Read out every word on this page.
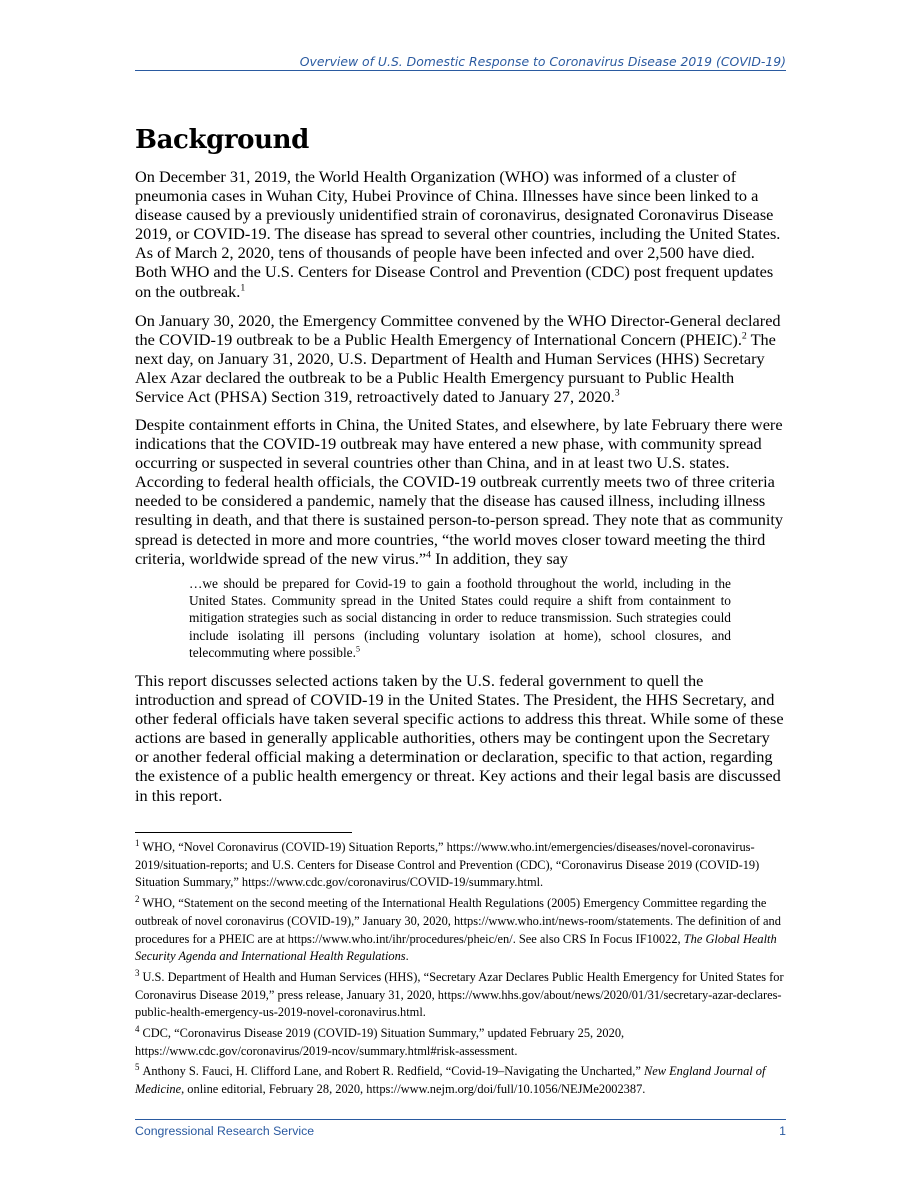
Overview of U.S. Domestic Response to Coronavirus Disease 2019 (COVID-19)
Background

On December 31, 2019, the World Health Organization (WHO) was informed of a cluster of pneumonia cases in Wuhan City, Hubei Province of China. Illnesses have since been linked to a disease caused by a previously unidentified strain of coronavirus, designated Coronavirus Disease 2019, or COVID-19. The disease has spread to several other countries, including the United States. As of March 2, 2020, tens of thousands of people have been infected and over 2,500 have died. Both WHO and the U.S. Centers for Disease Control and Prevention (CDC) post frequent updates on the outbreak.$^1$

On January 30, 2020, the Emergency Committee convened by the WHO Director-General declared the COVID-19 outbreak to be a Public Health Emergency of International Concern (PHEIC).$^2$ The next day, on January 31, 2020, U.S. Department of Health and Human Services (HHS) Secretary Alex Azar declared the outbreak to be a Public Health Emergency pursuant to Public Health Service Act (PHSA) Section 319, retroactively dated to January 27, 2020.$^3$

Despite containment efforts in China, the United States, and elsewhere, by late February there were indications that the COVID-19 outbreak may have entered a new phase, with community spread occurring or suspected in several countries other than China, and in at least two U.S. states. According to federal health officials, the COVID-19 outbreak currently meets two of three criteria needed to be considered a pandemic, namely that the disease has caused illness, including illness resulting in death, and that there is sustained person-to-person spread. They note that as community spread is detected in more and more countries, “the world moves closer toward meeting the third criteria, worldwide spread of the new virus.”$^4$ In addition, they say

…we should be prepared for Covid-19 to gain a foothold throughout the world, including in the United States. Community spread in the United States could require a shift from containment to mitigation strategies such as social distancing in order to reduce transmission. Such strategies could include isolating ill persons (including voluntary isolation at home), school closures, and telecommuting where possible.$^5$

This report discusses selected actions taken by the U.S. federal government to quell the introduction and spread of COVID-19 in the United States. The President, the HHS Secretary, and other federal officials have taken several specific actions to address this threat. While some of these actions are based in generally applicable authorities, others may be contingent upon the Secretary or another federal official making a determination or declaration, specific to that action, regarding the existence of a public health emergency or threat. Key actions and their legal basis are discussed in this report.

$^1$ WHO, “Novel Coronavirus (COVID-19) Situation Reports,” https://www.who.int/emergencies/diseases/novel-coronavirus-2019/situation-reports; and U.S. Centers for Disease Control and Prevention (CDC), “Coronavirus Disease 2019 (COVID-19) Situation Summary,” https://www.cdc.gov/coronavirus/COVID-19/summary.html.

$^2$ WHO, “Statement on the second meeting of the International Health Regulations (2005) Emergency Committee regarding the outbreak of novel coronavirus (COVID-19),” January 30, 2020, https://www.who.int/news-room/statements. The definition of and procedures for a PHEIC are at https://www.who.int/ihr/procedures/pheic/en/. See also CRS In Focus IF10022, The Global Health Security Agenda and International Health Regulations.

$^3$ U.S. Department of Health and Human Services (HHS), “Secretary Azar Declares Public Health Emergency for United States for Coronavirus Disease 2019,” press release, January 31, 2020, https://www.hhs.gov/about/news/2020/01/31/secretary-azar-declares-public-health-emergency-us-2019-novel-coronavirus.html.

$^4$ CDC, “Coronavirus Disease 2019 (COVID-19) Situation Summary,” updated February 25, 2020, https://www.cdc.gov/coronavirus/2019-ncov/summary.html#risk-assessment.

$^5$ Anthony S. Fauci, H. Clifford Lane, and Robert R. Redfield, “Covid-19–Navigating the Uncharted,” New England Journal of Medicine, online editorial, February 28, 2020, https://www.nejm.org/doi/full/10.1056/NEJMe2002387.

Congressional Research Service	1
